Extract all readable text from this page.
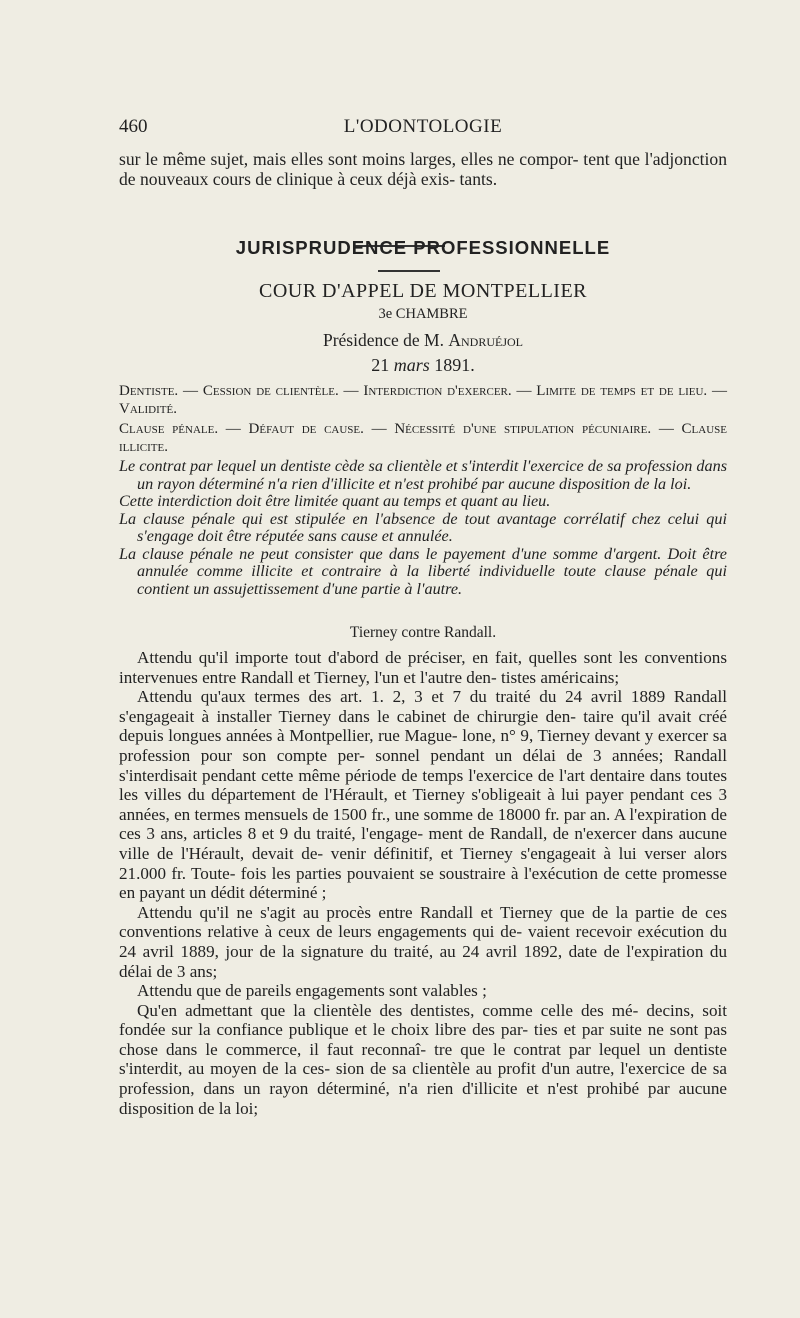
460	L'ODONTOLOGIE

sur le même sujet, mais elles sont moins larges, elles ne compor- tent que l'adjonction de nouveaux cours de clinique à ceux déjà exis- tants.

JURISPRUDENCE PROFESSIONNELLE

COUR D'APPEL DE MONTPELLIER

3e CHAMBRE

Présidence de M. Andruéjol

21 mars 1891.

Dentiste. — Cession de clientèle. — Interdiction d'exercer. — Limite de temps et de lieu. — Validité.

Clause pénale. — Défaut de cause. — Nécessité d'une stipulation pécuniaire. — Clause illicite.

Le contrat par lequel un dentiste cède sa clientèle et s'interdit l'exercice de sa profession dans un rayon déterminé n'a rien d'illicite et n'est prohibé par aucune disposition de la loi.

Cette interdiction doit être limitée quant au temps et quant au lieu.

La clause pénale qui est stipulée en l'absence de tout avantage corrélatif chez celui qui s'engage doit être réputée sans cause et annulée.

La clause pénale ne peut consister que dans le payement d'une somme d'argent. Doit être annulée comme illicite et contraire à la liberté individuelle toute clause pénale qui contient un assujettissement d'une partie à l'autre.

Tierney contre Randall.

Attendu qu'il importe tout d'abord de préciser, en fait, quelles sont les conventions intervenues entre Randall et Tierney, l'un et l'autre den- tistes américains;

Attendu qu'aux termes des art. 1. 2, 3 et 7 du traité du 24 avril 1889 Randall s'engageait à installer Tierney dans le cabinet de chirurgie den- taire qu'il avait créé depuis longues années à Montpellier, rue Mague- lone, n° 9, Tierney devant y exercer sa profession pour son compte per- sonnel pendant un délai de 3 années; Randall s'interdisait pendant cette même période de temps l'exercice de l'art dentaire dans toutes les villes du département de l'Hérault, et Tierney s'obligeait à lui payer pendant ces 3 années, en termes mensuels de 1500 fr., une somme de 18000 fr. par an. A l'expiration de ces 3 ans, articles 8 et 9 du traité, l'engage- ment de Randall, de n'exercer dans aucune ville de l'Hérault, devait de- venir définitif, et Tierney s'engageait à lui verser alors 21.000 fr. Toute- fois les parties pouvaient se soustraire à l'exécution de cette promesse en payant un dédit déterminé ;

Attendu qu'il ne s'agit au procès entre Randall et Tierney que de la partie de ces conventions relative à ceux de leurs engagements qui de- vaient recevoir exécution du 24 avril 1889, jour de la signature du traité, au 24 avril 1892, date de l'expiration du délai de 3 ans;

Attendu que de pareils engagements sont valables ;

Qu'en admettant que la clientèle des dentistes, comme celle des mé- decins, soit fondée sur la confiance publique et le choix libre des par- ties et par suite ne sont pas chose dans le commerce, il faut reconnaî- tre que le contrat par lequel un dentiste s'interdit, au moyen de la ces- sion de sa clientèle au profit d'un autre, l'exercice de sa profession, dans un rayon déterminé, n'a rien d'illicite et n'est prohibé par aucune disposition de la loi;
